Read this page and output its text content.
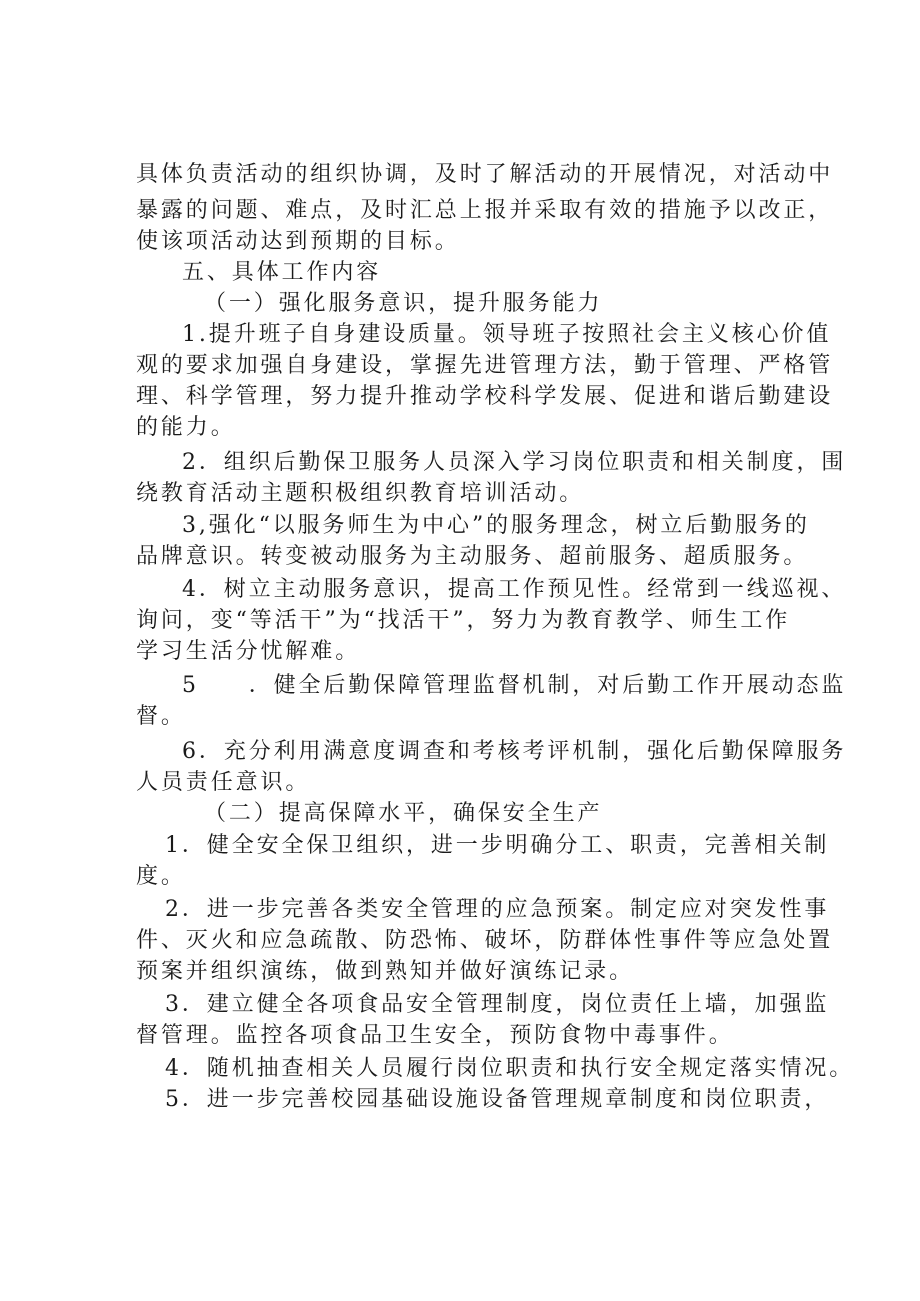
具体负责活动的组织协调，及时了解活动的开展情况，对活动中
暴露的问题、难点，及时汇总上报并采取有效的措施予以改正，
使该项活动达到预期的目标。
五、具体工作内容
（一）强化服务意识，提升服务能力
1.提升班子自身建设质量。领导班子按照社会主义核心价值
观的要求加强自身建设，掌握先进管理方法，勤于管理、严格管
理、科学管理，努力提升推动学校科学发展、促进和谐后勤建设
的能力。
2．组织后勤保卫服务人员深入学习岗位职责和相关制度，围
绕教育活动主题积极组织教育培训活动。
3,强化“以服务师生为中心”的服务理念，树立后勤服务的
品牌意识。转变被动服务为主动服务、超前服务、超质服务。
4．树立主动服务意识，提高工作预见性。经常到一线巡视、
询问，变“等活干”为“找活干”，努力为教育教学、师生工作
学习生活分忧解难。
5　　．健全后勤保障管理监督机制，对后勤工作开展动态监
督。
6．充分利用满意度调查和考核考评机制，强化后勤保障服务
人员责任意识。
（二）提高保障水平，确保安全生产
1．健全安全保卫组织，进一步明确分工、职责，完善相关制
度。
2．进一步完善各类安全管理的应急预案。制定应对突发性事
件、灭火和应急疏散、防恐怖、破坏，防群体性事件等应急处置
预案并组织演练，做到熟知并做好演练记录。
3．建立健全各项食品安全管理制度，岗位责任上墙，加强监
督管理。监控各项食品卫生安全，预防食物中毒事件。
4．随机抽查相关人员履行岗位职责和执行安全规定落实情况。
5．进一步完善校园基础设施设备管理规章制度和岗位职责，
